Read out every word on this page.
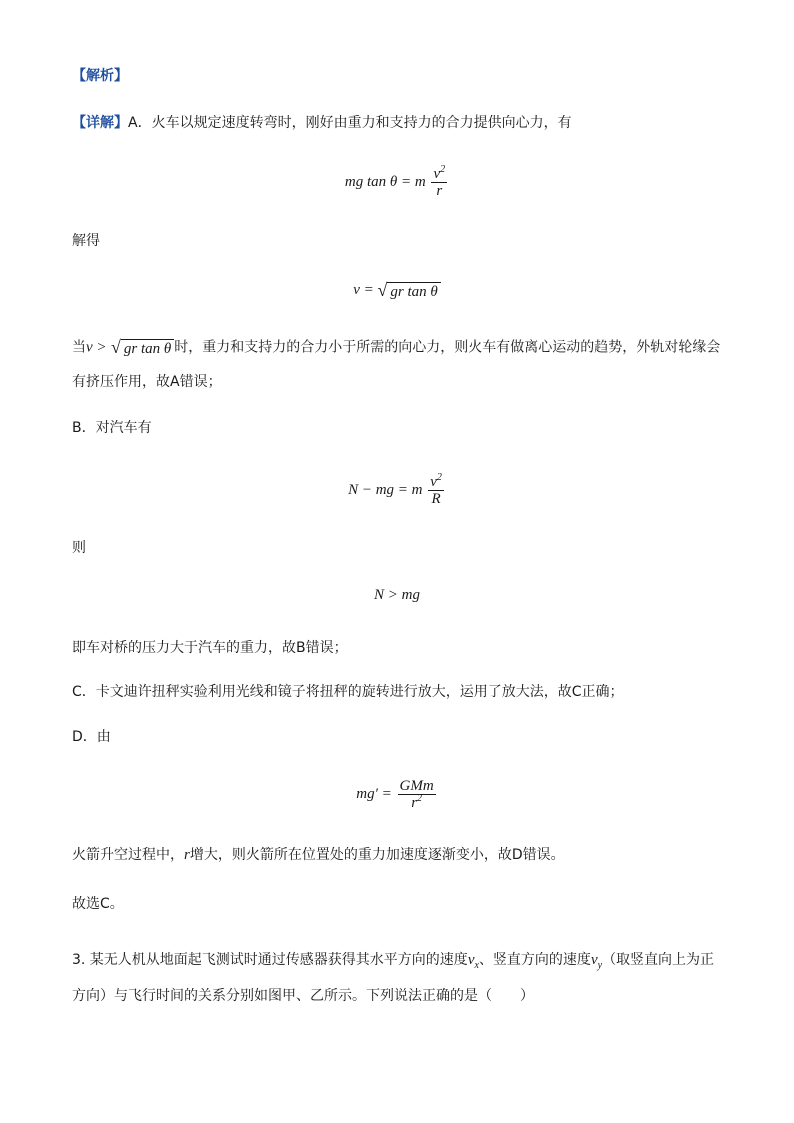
【解析】
【详解】A．火车以规定速度转弯时，刚好由重力和支持力的合力提供向心力，有
mg tan θ = m $\frac{v^2}{r}$
解得
v = √ gr tan θ
当v > √ gr tan θ 时，重力和支持力的合力小于所需的向心力，则火车有做离心运动的趋势，外轨对轮缘会
有挤压作用，故A错误；
B．对汽车有
N − mg = m $\frac{v^2}{R}$
则
N > mg
即车对桥的压力大于汽车的重力，故B错误；
C．卡文迪许扭秤实验利用光线和镜子将扭秤的旋转进行放大，运用了放大法，故C正确；
D．由
$mg' = \frac{\text{GMm}}{r^2}$
火箭升空过程中，r增大，则火箭所在位置处的重力加速度逐渐变小，故D错误。
故选C。
3. 某无人机从地面起飞测试时通过传感器获得其水平方向的速度$v_x$、竖直方向的速度$v_y$（取竖直向上为正
方向）与飞行时间的关系分别如图甲、乙所示。下列说法正确的是（　　）
